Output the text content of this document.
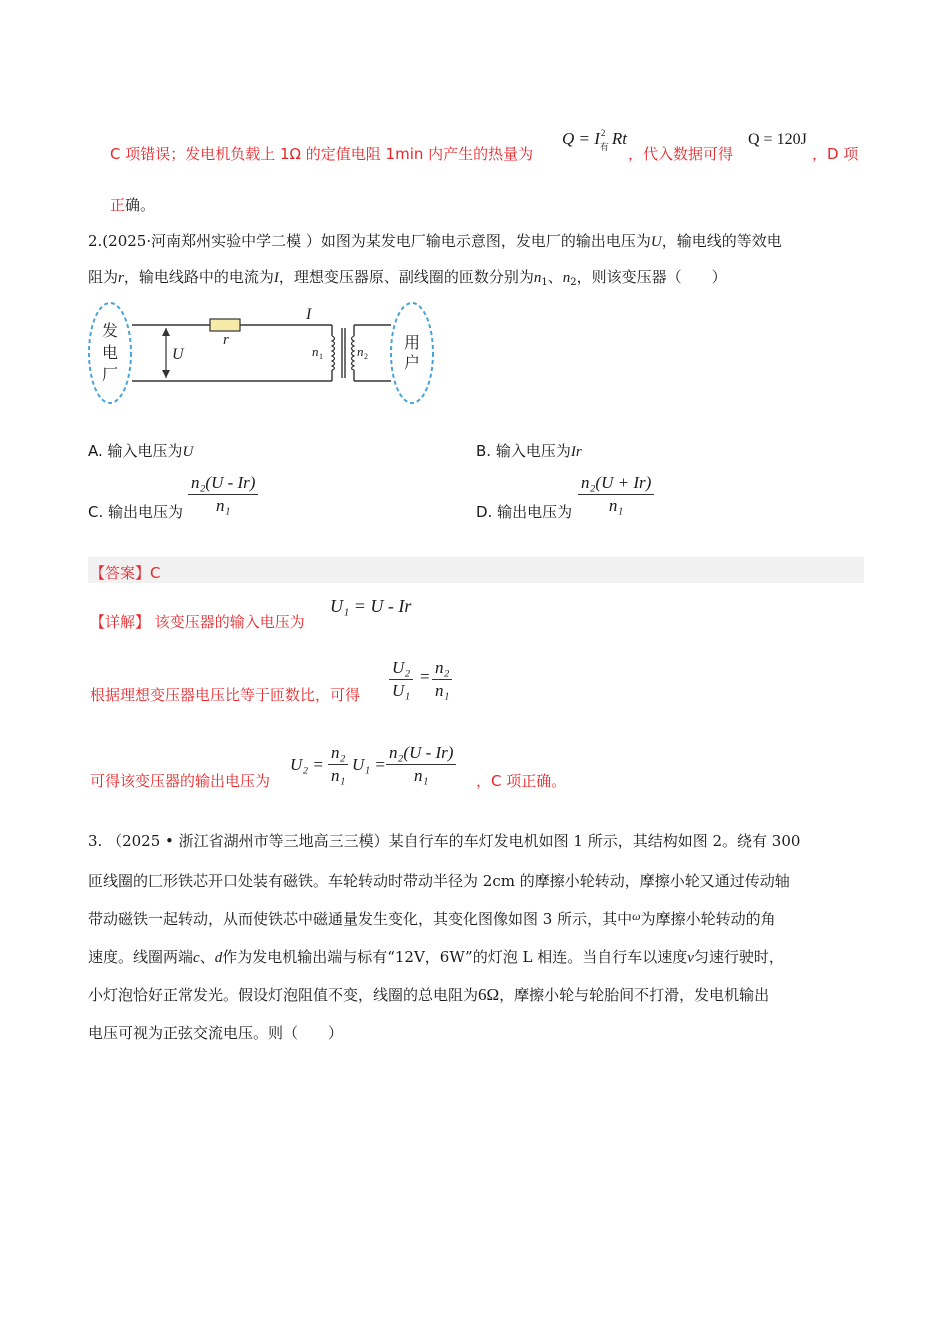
C 项错误；发电机负载上 1Ω 的定值电阻 1min 内产生的热量为
Q = I 2
有 Rt
，代入数据可得
Q = 120J
，D 项
正确。
2.(2025·河南郑州实验中学二模 ）如图为某发电厂输电示意图，发电厂的输出电压为U，输电线的等效电
阻为r，输电线路中的电流为I，理想变压器原、副线圈的匝数分别为$n_1$、$n_2$，则该变压器（　　）
发
电
厂
用
户
I
r
U	n 1	n 2
A. 输入电压为U	B. 输入电压为Ir
C. 输出电压为 $\frac{\text{n₂(U - Ir)}}{\text{n₁}}$	D. 输出电压为 $\frac{\text{n₂(U + Ir)}}{\text{n₁}}$
【答案】C
【详解】 该变压器的输入电压为
U₁ = U - Ir
根据理想变压器电压比等于匝数比，可得 $\frac{\text{U₂}}{\text{U₁}} = \frac{\text{n₂}}{\text{n₁}}$
可得该变压器的输出电压为
$U_2 = \frac{\text{n₂}}{\text{n₁}} U_1 = \frac{\text{n₂(U - Ir)}}{\text{n₁}}$ ，C 项正确。
3. （2025 • 浙江省湖州市等三地高三三模）某自行车的车灯发电机如图 1 所示，其结构如图 2。绕有 300
匝线圈的匚形铁芯开口处装有磁铁。车轮转动时带动半径为 2cm 的摩擦小轮转动，摩擦小轮又通过传动轴
带动磁铁一起转动，从而使铁芯中磁通量发生变化，其变化图像如图 3 所示，其中$^\omega$为摩擦小轮转动的角
速度。线圈两端c、d作为发电机输出端与标有“12V，6W”的灯泡 L 相连。当自行车以速度v匀速行驶时，
小灯泡恰好正常发光。假设灯泡阻值不变，线圈的总电阻为6Ω，摩擦小轮与轮胎间不打滑，发电机输出
电压可视为正弦交流电压。则（　　）
